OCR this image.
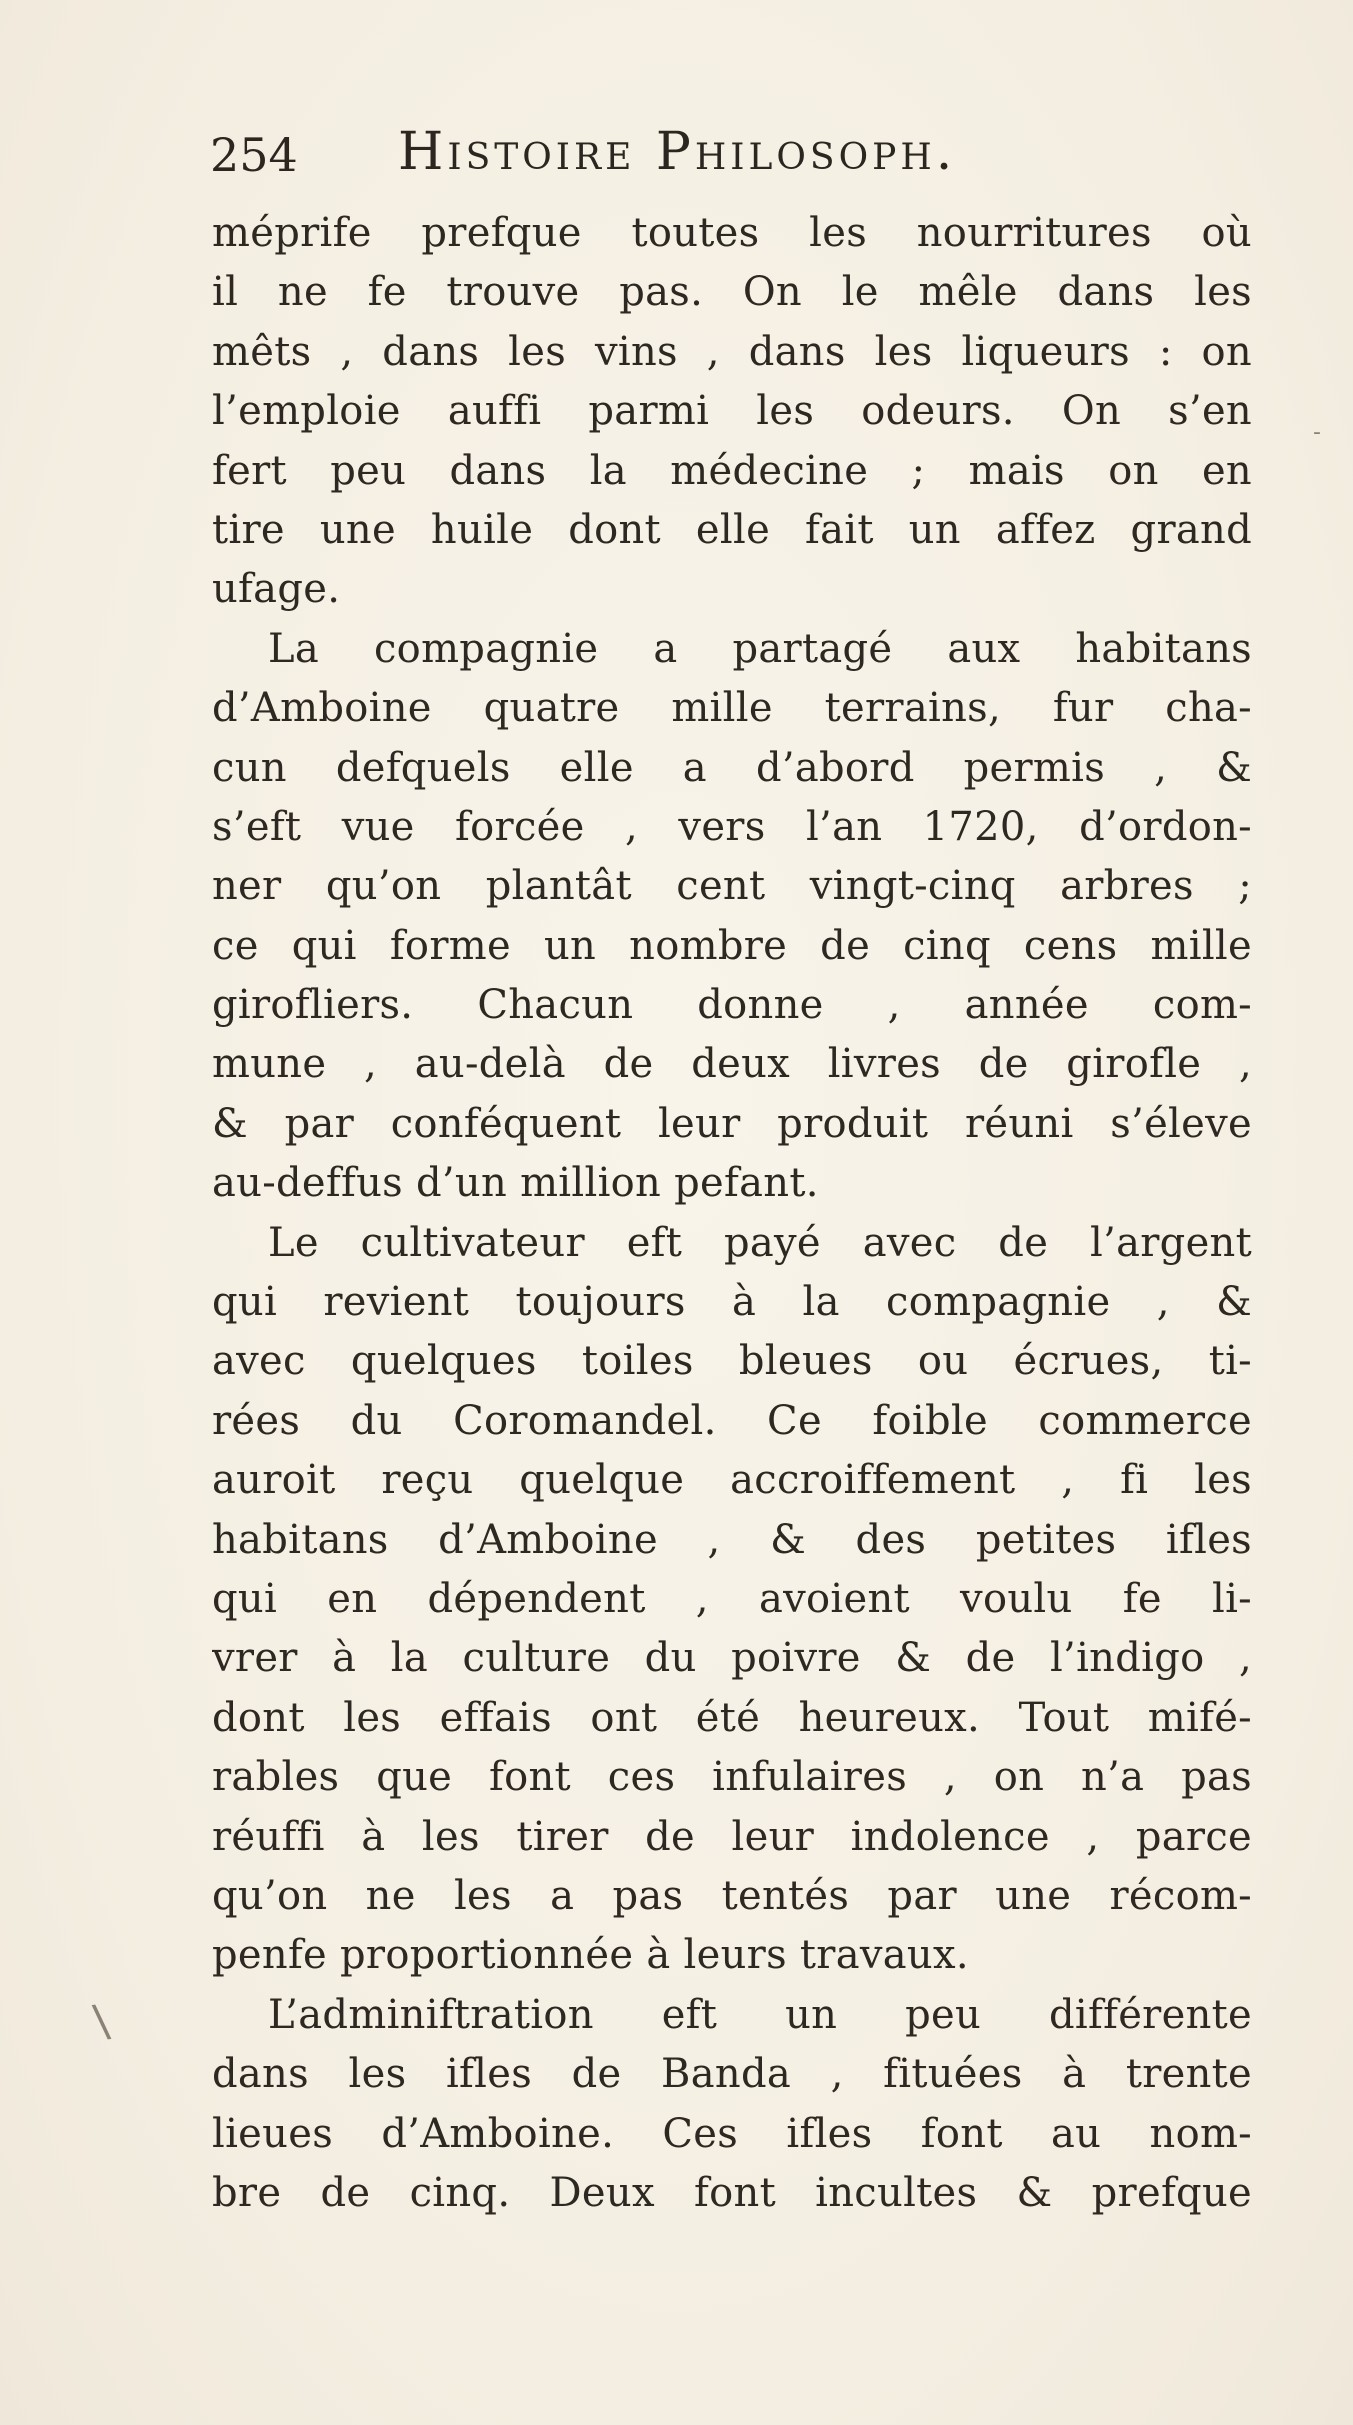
254 Histoire Philosoph.
méprife prefque toutes les nourritures où
il ne fe trouve pas. On le mêle dans les
mêts , dans les vins , dans les liqueurs : on
l’emploie auffi parmi les odeurs. On s’en
fert peu dans la médecine ; mais on en
tire une huile dont elle fait un affez grand
ufage.
La compagnie a partagé aux habitans
d’Amboine quatre mille terrains, fur cha-
cun defquels elle a d’abord permis , &
s’eft vue forcée , vers l’an 1720, d’ordon-
ner qu’on plantât cent vingt-cinq arbres ;
ce qui forme un nombre de cinq cens mille
girofliers. Chacun donne , année com-
mune , au-delà de deux livres de girofle ,
& par conféquent leur produit réuni s’éleve
au-deffus d’un million pefant.
Le cultivateur eft payé avec de l’argent
qui revient toujours à la compagnie , &
avec quelques toiles bleues ou écrues, ti-
rées du Coromandel. Ce foible commerce
auroit reçu quelque accroiffement , fi les
habitans d’Amboine , & des petites ifles
qui en dépendent , avoient voulu fe li-
vrer à la culture du poivre & de l’indigo ,
dont les effais ont été heureux. Tout mifé-
rables que font ces infulaires , on n’a pas
réuffi à les tirer de leur indolence , parce
qu’on ne les a pas tentés par une récom-
penfe proportionnée à leurs travaux.
L’adminiftration eft un peu différente
dans les ifles de Banda , fituées à trente
lieues d’Amboine. Ces ifles font au nom-
bre de cinq. Deux font incultes & prefque
\
-
